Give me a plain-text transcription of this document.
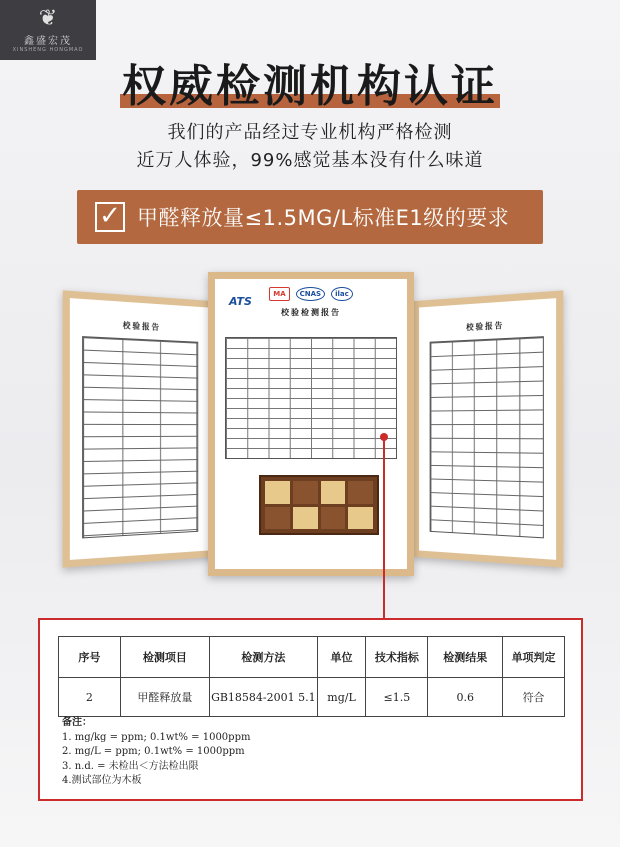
❦
鑫盛宏茂
XINSHENG HONGMAO
权威检测机构认证
我们的产品经过专业机构严格检测
近万人体验，99%感觉基本没有什么味道
✓ 甲醛释放量≤1.5MG/L标准E1级的要求
校验报告	校验报告
ATS
MA	CNAS	ilac
校验检测报告
序号	检测项目	检测方法	单位	技术指标	检测结果	单项判定
2	甲醛释放量	GB18584-2001 5.1	mg/L	≤1.5	0.6	符合
备注：
1. mg/kg = ppm; 0.1wt% = 1000ppm
2. mg/L = ppm; 0.1wt% = 1000ppm
3. n.d. = 未检出＜方法检出限
4.测试部位为木板
